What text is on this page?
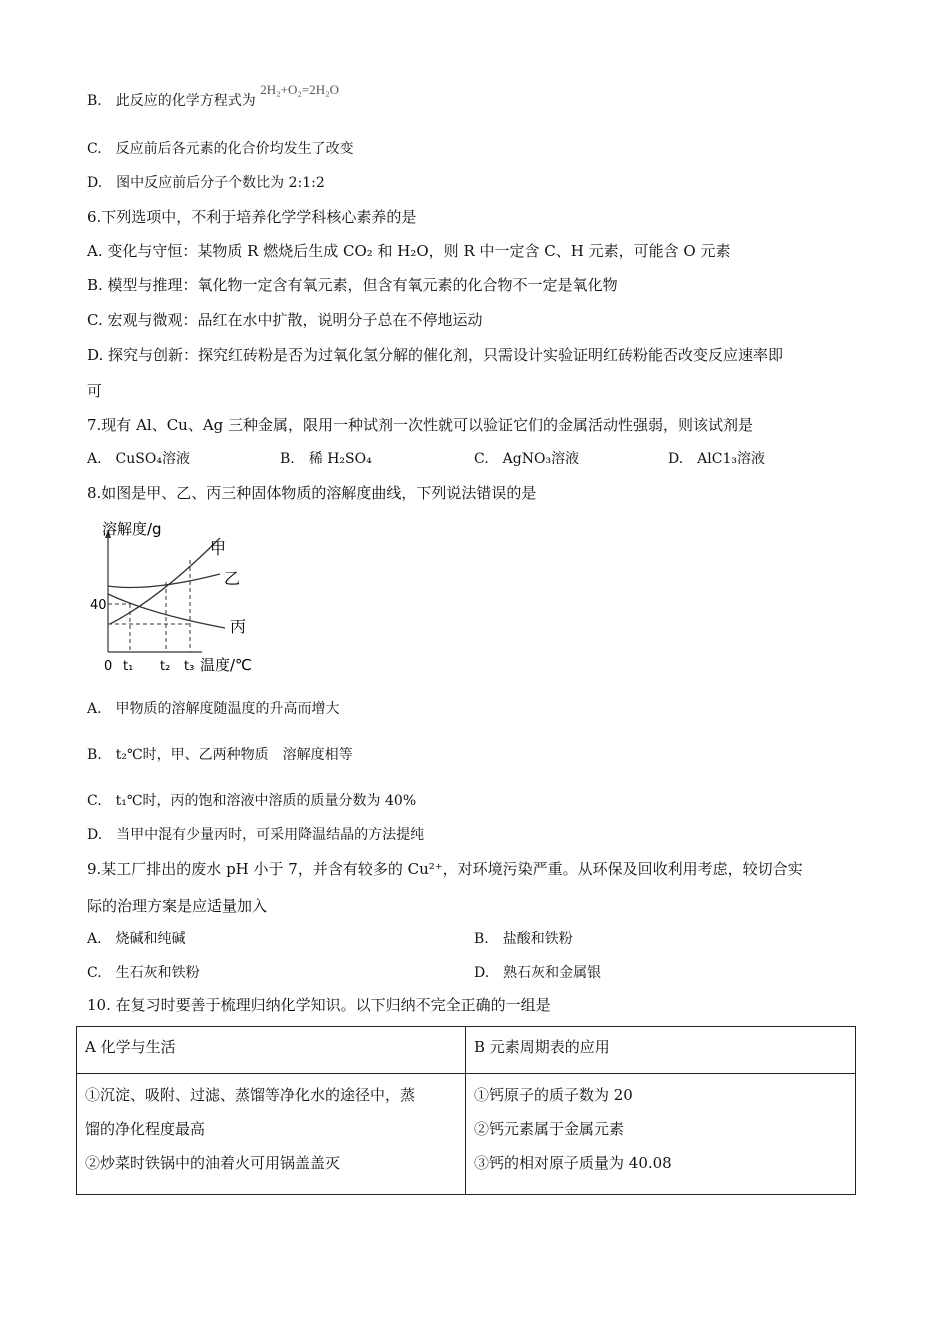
B.　此反应的化学方程式为 2H₂+O₂=2H₂O
C.　反应前后各元素的化合价均发生了改变
D.　图中反应前后分子个数比为 2:1:2
6.下列选项中，不利于培养化学学科核心素养的是
A. 变化与守恒：某物质 R 燃烧后生成 CO₂ 和 H₂O，则 R 中一定含 C、H 元素，可能含 O 元素
B. 模型与推理：氧化物一定含有氧元素，但含有氧元素的化合物不一定是氧化物
C. 宏观与微观：品红在水中扩散，说明分子总在不停地运动
D. 探究与创新：探究红砖粉是否为过氧化氢分解的催化剂，只需设计实验证明红砖粉能否改变反应速率即
可
7.现有 Al、Cu、Ag 三种金属，限用一种试剂一次性就可以验证它们的金属活动性强弱，则该试剂是
A.　CuSO₄溶液	B.　稀 H₂SO₄	C.　AgNO₃溶液	D.　AlC1₃溶液
8.如图是甲、乙、丙三种固体物质的溶解度曲线，下列说法错误的是
溶解度/g
温度/℃
40
甲
乙
丙
0 t₁ t₂ t₃
A.　甲物质的溶解度随温度的升高而增大
B.　t₂℃时，甲、乙两种物质　溶解度相等
C.　t₁℃时，丙的饱和溶液中溶质的质量分数为 40%
D.　当甲中混有少量丙时，可采用降温结晶的方法提纯
9.某工厂排出的废水 pH 小于 7，并含有较多的 Cu²⁺，对环境污染严重。从环保及回收利用考虑，较切合实
际的治理方案是应适量加入
A.　烧碱和纯碱	B.　盐酸和铁粉
C.　生石灰和铁粉	D.　熟石灰和金属银
10. 在复习时要善于梳理归纳化学知识。以下归纳不完全正确的一组是
A 化学与生活	B 元素周期表的应用

①沉淀、吸附、过滤、蒸馏等净化水的途径中，蒸
馏的净化程度最高
②炒菜时铁锅中的油着火可用锅盖盖灭	①钙原子的质子数为 20
②钙元素属于金属元素
③钙的相对原子质量为 40.08
